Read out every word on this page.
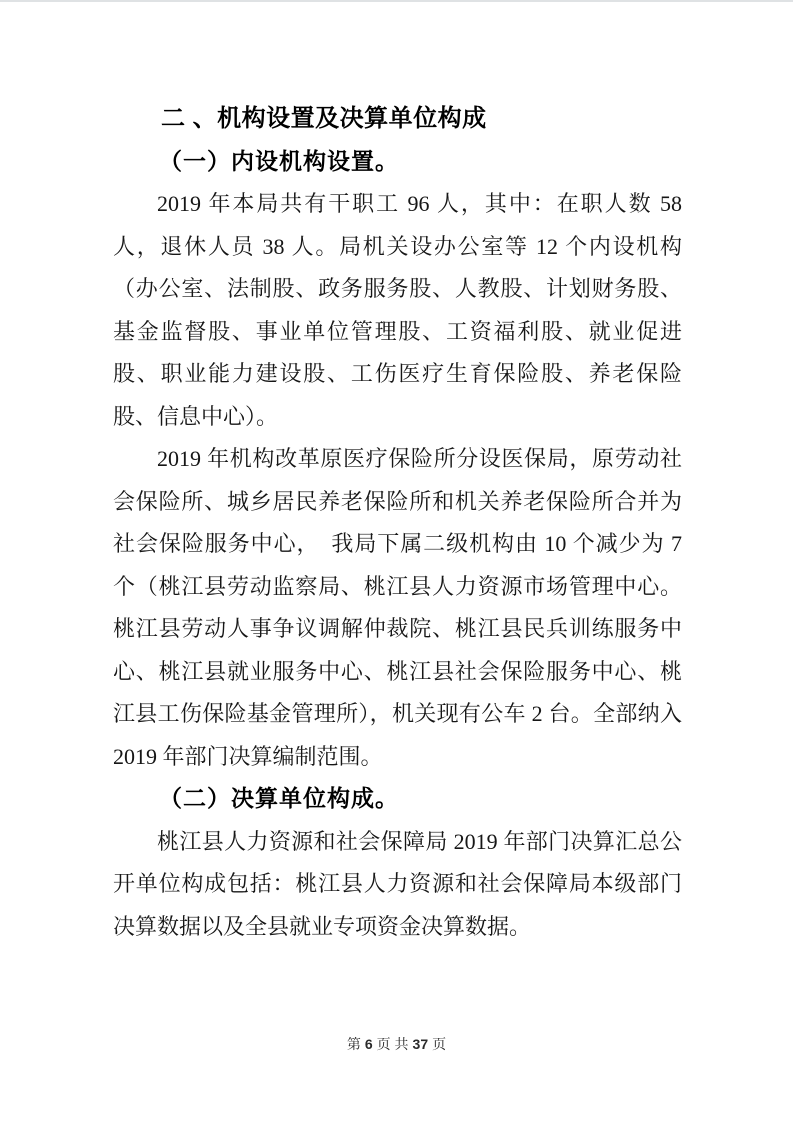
二 、机构设置及决算单位构成
（一）内设机构设置。

2019 年本局共有干职工 96 人，其中：在职人数 58 人，退休人员 38 人。局机关设办公室等 12 个内设机构（办公室、法制股、政务服务股、人教股、计划财务股、基金监督股、事业单位管理股、工资福利股、就业促进股、职业能力建设股、工伤医疗生育保险股、养老保险股、信息中心）。

2019 年机构改革原医疗保险所分设医保局，原劳动社会保险所、城乡居民养老保险所和机关养老保险所合并为社会保险服务中心，　我局下属二级机构由 10 个减少为 7 个（桃江县劳动监察局、桃江县人力资源市场管理中心。桃江县劳动人事争议调解仲裁院、桃江县民兵训练服务中心、桃江县就业服务中心、桃江县社会保险服务中心、桃江县工伤保险基金管理所），机关现有公车 2 台。全部纳入 2019 年部门决算编制范围。

（二）决算单位构成。

桃江县人力资源和社会保障局 2019 年部门决算汇总公开单位构成包括：桃江县人力资源和社会保障局本级部门决算数据以及全县就业专项资金决算数据。

第 6 页 共 37 页
